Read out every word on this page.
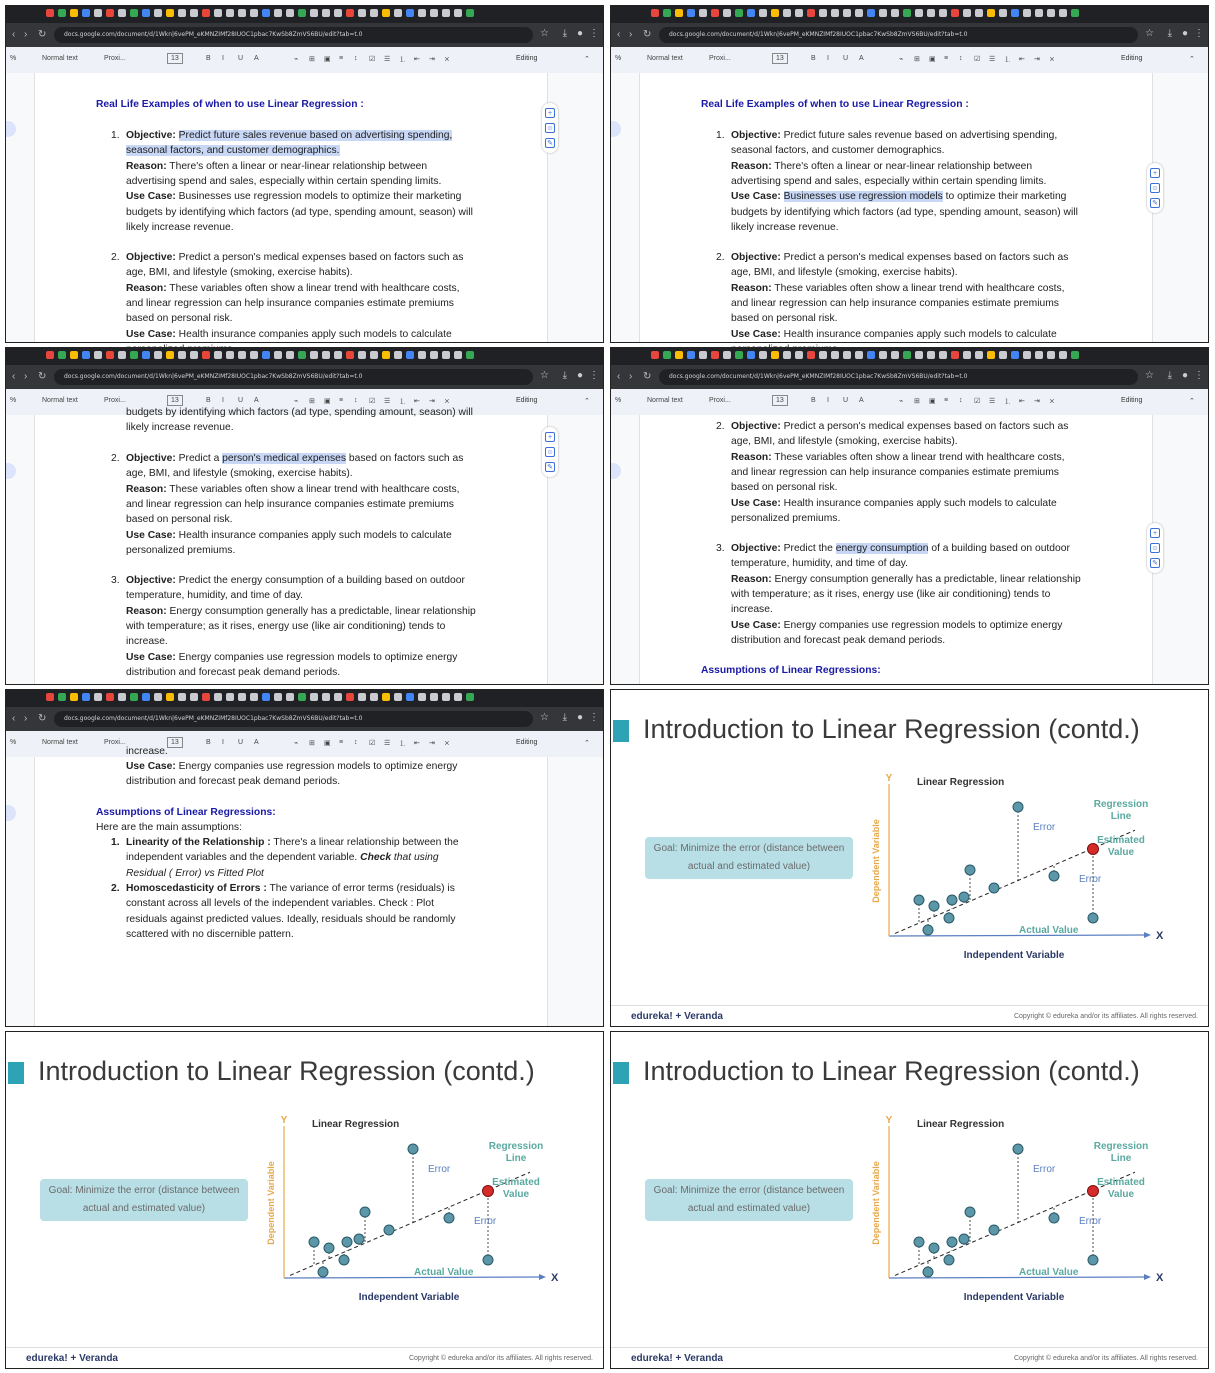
‹ › ↻	docs.google.com/document/d/1Wkn|6vePM_eKMNZIMf28IUOC1pbac7KwSb8ZmVS6BU/edit?tab=t.0	☆ ⤓ ● ⋮
%	Normal text	Proxi...	13	B I U A	⌁ ⊞ ▣ ≡ ↕ ☑ ☰ ⒈ ⇤ ⇥ ⨯	Editing	⌃
Real Life Examples of when to use Linear Regression :
1. Objective: Predict future sales revenue based on advertising spending,
seasonal factors, and customer demographics.
Reason: There's often a linear or near-linear relationship between
advertising spend and sales, especially within certain spending limits.
Use Case: Businesses use regression models to optimize their marketing
budgets by identifying which factors (ad type, spending amount, season) will
likely increase revenue.
2. Objective: Predict a person's medical expenses based on factors such as
age, BMI, and lifestyle (smoking, exercise habits).
Reason: These variables often show a linear trend with healthcare costs,
and linear regression can help insurance companies estimate premiums
based on personal risk.
Use Case: Health insurance companies apply such models to calculate
+
☺
✎
‹ › ↻	docs.google.com/document/d/1Wkn|6vePM_eKMNZIMf28IUOC1pbac7KwSb8ZmVS6BU/edit?tab=t.0	☆ ⤓ ● ⋮
%	Normal text	Proxi...	13	B I U A	⌁ ⊞ ▣ ≡ ↕ ☑ ☰ ⒈ ⇤ ⇥ ⨯	Editing	⌃
Real Life Examples of when to use Linear Regression :
1. Objective: Predict future sales revenue based on advertising spending,
seasonal factors, and customer demographics.
Reason: There's often a linear or near-linear relationship between
advertising spend and sales, especially within certain spending limits.
Use Case: Businesses use regression models to optimize their marketing
budgets by identifying which factors (ad type, spending amount, season) will
likely increase revenue.
2. Objective: Predict a person's medical expenses based on factors such as
age, BMI, and lifestyle (smoking, exercise habits).
Reason: These variables often show a linear trend with healthcare costs,
and linear regression can help insurance companies estimate premiums
based on personal risk.
Use Case: Health insurance companies apply such models to calculate
+
☺
✎
‹ › ↻	docs.google.com/document/d/1Wkn|6vePM_eKMNZIMf28IUOC1pbac7KwSb8ZmVS6BU/edit?tab=t.0	☆ ⤓ ● ⋮
%	Normal text	Proxi...	13	B I U A	⌁ ⊞ ▣ ≡ ↕ ☑ ☰ ⒈ ⇤ ⇥ ⨯	Editing	⌃
budgets by identifying which factors (ad type, spending amount, season) will
likely increase revenue.
2. Objective: Predict a person's medical expenses based on factors such as
age, BMI, and lifestyle (smoking, exercise habits).
Reason: These variables often show a linear trend with healthcare costs,
and linear regression can help insurance companies estimate premiums
based on personal risk.
Use Case: Health insurance companies apply such models to calculate
personalized premiums.
3. Objective: Predict the energy consumption of a building based on outdoor
temperature, humidity, and time of day.
Reason: Energy consumption generally has a predictable, linear relationship
with temperature; as it rises, energy use (like air conditioning) tends to
increase.
Use Case: Energy companies use regression models to optimize energy
distribution and forecast peak demand periods.
+
☺
✎
‹ › ↻	docs.google.com/document/d/1Wkn|6vePM_eKMNZIMf28IUOC1pbac7KwSb8ZmVS6BU/edit?tab=t.0	☆ ⤓ ● ⋮
%	Normal text	Proxi...	13	B I U A	⌁ ⊞ ▣ ≡ ↕ ☑ ☰ ⒈ ⇤ ⇥ ⨯	Editing	⌃
2. Objective: Predict a person's medical expenses based on factors such as
age, BMI, and lifestyle (smoking, exercise habits).
Reason: These variables often show a linear trend with healthcare costs,
and linear regression can help insurance companies estimate premiums
based on personal risk.
Use Case: Health insurance companies apply such models to calculate
personalized premiums.
3. Objective: Predict the energy consumption of a building based on outdoor
temperature, humidity, and time of day.
Reason: Energy consumption generally has a predictable, linear relationship
with temperature; as it rises, energy use (like air conditioning) tends to
increase.
Use Case: Energy companies use regression models to optimize energy
distribution and forecast peak demand periods.
Assumptions of Linear Regressions:
+
☺
✎
‹ › ↻	docs.google.com/document/d/1Wkn|6vePM_eKMNZIMf28IUOC1pbac7KwSb8ZmVS6BU/edit?tab=t.0	☆ ⤓ ● ⋮
%	Normal text	Proxi...	13	B I U A	⌁ ⊞ ▣ ≡ ↕ ☑ ☰ ⒈ ⇤ ⇥ ⨯	Editing	⌃
increase.
Use Case: Energy companies use regression models to optimize energy
distribution and forecast peak demand periods.
Assumptions of Linear Regressions:
Here are the main assumptions:
1. Linearity of the Relationship : There's a linear relationship between the
independent variables and the dependent variable. Check that using
Residual ( Error) vs Fitted Plot
2. Homoscedasticity of Errors : The variance of error terms (residuals) is
constant across all levels of the independent variables. Check : Plot
residuals against predicted values. Ideally, residuals should be randomly
scattered with no discernible pattern.
Introduction to Linear Regression (contd.)
Goal: Minimize the error (distance between
actual and estimated value)
edureka! + Veranda	Copyright © edureka and/or its affiliates. All rights reserved.
X
Y Linear Regression
Independent Variable
Dependent Variable
Regression
Line
Estimated
Value
Actual Value
Error
Error
Introduction to Linear Regression (contd.)
Goal: Minimize the error (distance between
actual and estimated value)
edureka! + Veranda	Copyright © edureka and/or its affiliates. All rights reserved.
X
Y Linear Regression
Independent Variable
Dependent Variable
Regression
Line
Estimated
Value
Actual Value
Error
Error
Introduction to Linear Regression (contd.)
Goal: Minimize the error (distance between
actual and estimated value)
edureka! + Veranda	Copyright © edureka and/or its affiliates. All rights reserved.
X
Y Linear Regression
Independent Variable
Dependent Variable
Regression
Line
Estimated
Value
Actual Value
Error
Error
